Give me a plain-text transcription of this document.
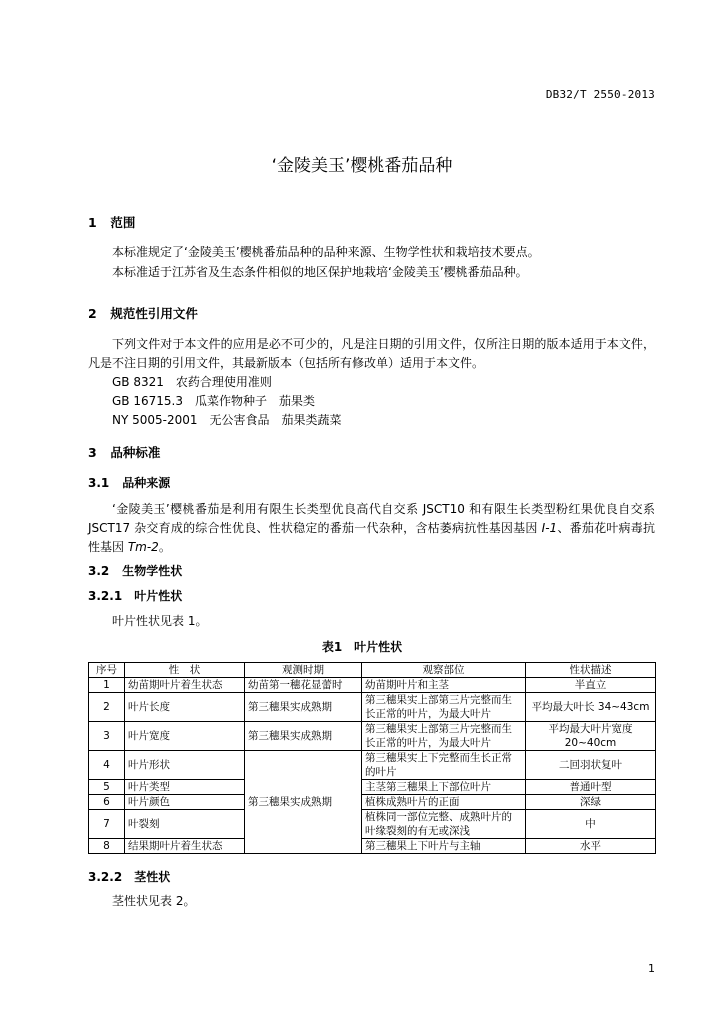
DB32/T 2550-2013
‘金陵美玉’樱桃番茄品种
1 范围
本标准规定了‘金陵美玉’樱桃番茄品种的品种来源、生物学性状和栽培技术要点。
本标准适于江苏省及生态条件相似的地区保护地栽培‘金陵美玉’樱桃番茄品种。
2 规范性引用文件
下列文件对于本文件的应用是必不可少的，凡是注日期的引用文件，仅所注日期的版本适用于本文件，凡是不注日期的引用文件，其最新版本（包括所有修改单）适用于本文件。
GB 8321　农药合理使用准则
GB 16715.3　瓜菜作物种子　茄果类
NY 5005-2001　无公害食品　茄果类蔬菜
3 品种标准
3.1 品种来源
‘金陵美玉’樱桃番茄是利用有限生长类型优良高代自交系 JSCT10 和有限生长类型粉红果优良自交系 JSCT17 杂交育成的综合性优良、性状稳定的番茄一代杂种，含枯萎病抗性基因基因 I-1、番茄花叶病毒抗性基因 Tm-2。
3.2 生物学性状
3.2.1 叶片性状
叶片性状见表 1。
表1　叶片性状
序号	性　状	观测时期	观察部位	性状描述
1	幼苗期叶片着生状态	幼苗第一穗花显蕾时	幼苗期叶片和主茎	半直立
2	叶片长度	第三穗果实成熟期	第三穗果实上部第三片完整而生长正常的叶片，为最大叶片	平均最大叶长 34~43cm
3	叶片宽度	第三穗果实成熟期	第三穗果实上部第三片完整而生长正常的叶片，为最大叶片	平均最大叶片宽度 20~40cm
4	叶片形状	第三穗果实成熟期	第三穗果实上下完整而生长正常的叶片	二回羽状复叶
5	叶片类型		主茎第三穗果上下部位叶片	普通叶型
6	叶片颜色		植株成熟叶片的正面	深绿
7	叶裂刻		植株同一部位完整、成熟叶片的叶缘裂刻的有无或深浅	中
8	结果期叶片着生状态		第三穗果上下叶片与主轴	水平
3.2.2 茎性状
茎性状见表 2。
1
